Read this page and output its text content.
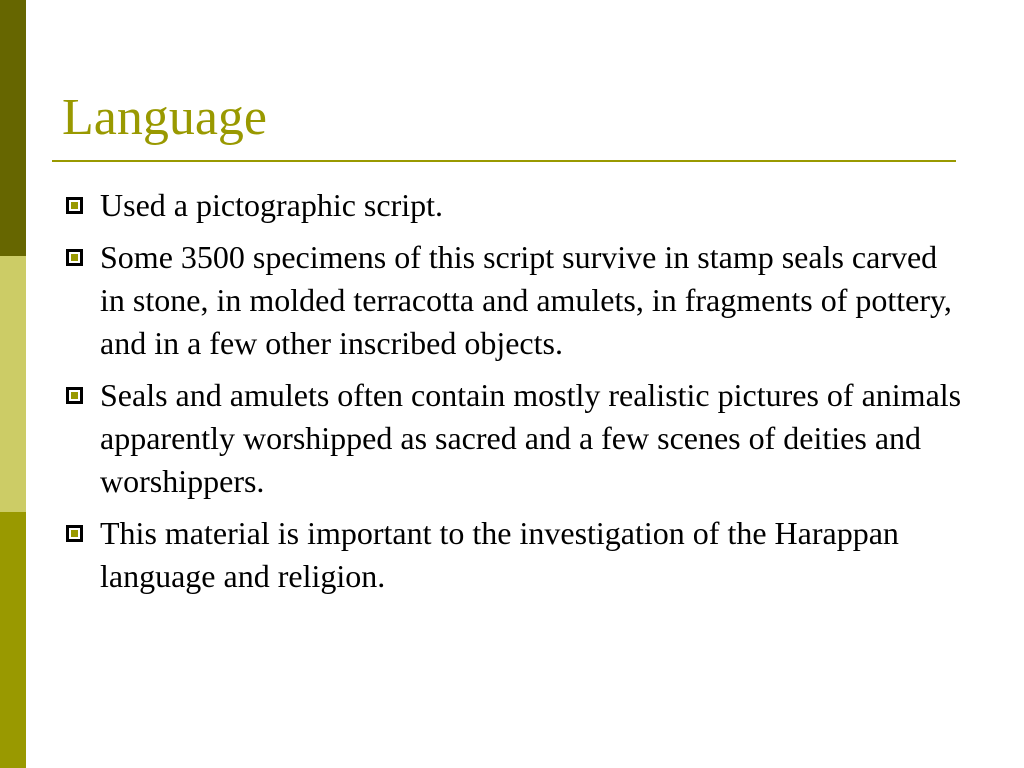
Language
Used a pictographic script.
Some 3500 specimens of this script survive in stamp seals carved in stone, in molded terracotta and amulets, in fragments of pottery, and in a few other inscribed objects.
Seals and amulets often contain mostly realistic pictures of animals apparently worshipped as sacred and a few scenes of deities and worshippers.
This material is important to the investigation of the Harappan language and religion.
